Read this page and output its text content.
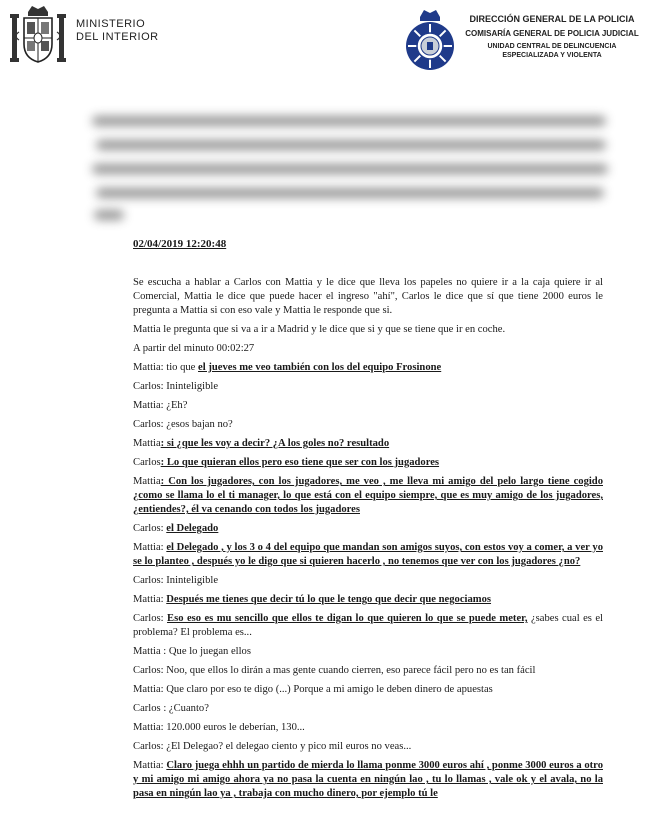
MINISTERIO
DEL INTERIOR
DIRECCIÓN GENERAL DE LA POLICIA
COMISARÍA GENERAL DE POLICIA JUDICIAL
UNIDAD CENTRAL DE DELINCUENCIA
ESPECIALIZADA Y VIOLENTA
02/04/2019 12:20:48

Se escucha a hablar a Carlos con Mattia y le dice que lleva los papeles no quiere ir a la caja quiere ir al Comercial, Mattia le dice que puede hacer el ingreso "ahí", Carlos le dice que sí que tiene 2000 euros le pregunta a Mattia si con eso vale y Mattia le responde que si.

Mattia le pregunta que si va a ir a Madrid y le dice que si y que se tiene que ir en coche.

A partir del minuto 00:02:27

Mattia: tio que el jueves me veo también con los del equipo Frosinone

Carlos: Ininteligible

Mattia: ¿Eh?

Carlos: ¿esos bajan no?

Mattia: si ¿que les voy a decir? ¿A los goles no? resultado

Carlos: Lo que quieran ellos pero eso tiene que ser con los jugadores

Mattia: Con los jugadores, con los jugadores, me veo , me lleva mi amigo del pelo largo tiene cogido ¿como se llama lo el ti manager, lo que está con el equipo siempre, que es muy amigo de los jugadores, ¿entiendes?, él va cenando con todos los jugadores

Carlos: el Delegado

Mattia: el Delegado , y los 3 o 4 del equipo que mandan son amigos suyos, con estos voy a comer, a ver yo se lo planteo , después yo le digo que si quieren hacerlo , no tenemos que ver con los jugadores ¿no?

Carlos: Ininteligible

Mattia: Después me tienes que decir tú lo que le tengo que decir que negociamos

Carlos: Eso eso es mu sencillo que ellos te digan lo que quieren lo que se puede meter, ¿sabes cual es el problema? El problema es...

Mattia : Que lo juegan ellos

Carlos: Noo, que ellos lo dirán a mas gente cuando cierren, eso parece fácil pero no es tan fácil

Mattia: Que claro por eso te digo (...) Porque a mi amigo le deben dinero de apuestas

Carlos : ¿Cuanto?

Mattia: 120.000 euros le deberían, 130...

Carlos: ¿El Delegao? el delegao ciento y pico mil euros no veas...

Mattia: Claro juega ehhh un partido de mierda lo llama ponme 3000 euros ahí , ponme 3000 euros a otro y mi amigo mi amigo ahora ya no pasa la cuenta en ningún lao , tu lo llamas , vale ok y el avala, no la pasa en ningún lao ya , trabaja con mucho dinero, por ejemplo tú le
